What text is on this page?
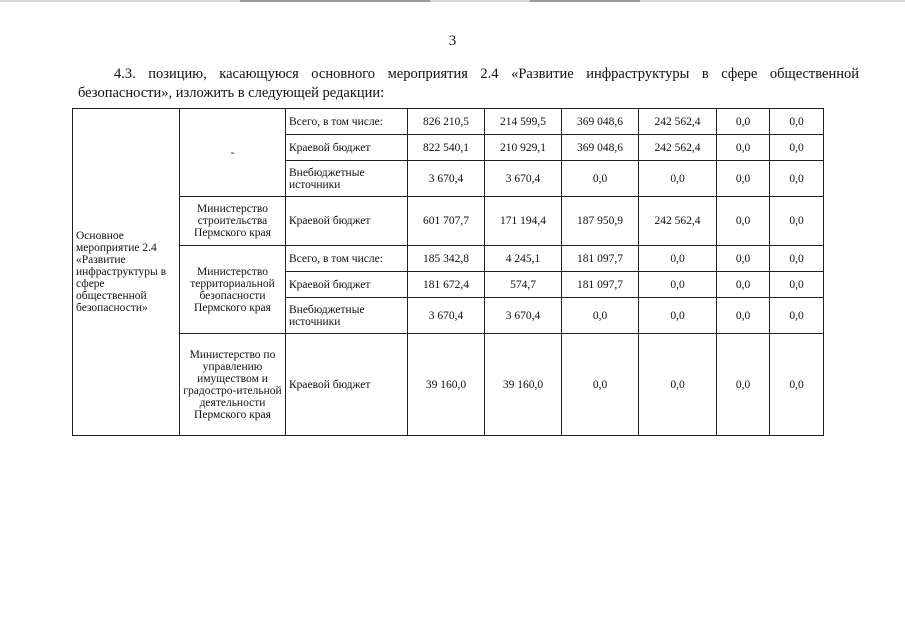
3

4.3. позицию, касающуюся основного мероприятия 2.4 «Развитие инфраструктуры в сфере общественной безопасности», изложить в следующей редакции:

Основное мероприятие 2.4 «Развитие инфраструктуры в сфере общественной безопасности»	-	Всего, в том числе:	826 210,5	214 599,5	369 048,6	242 562,4	0,0	0,0
		Краевой бюджет	822 540,1	210 929,1	369 048,6	242 562,4	0,0	0,0
		Внебюджетные источники	3 670,4	3 670,4	0,0	0,0	0,0	0,0
	Министерство строительства Пермского края	Краевой бюджет	601 707,7	171 194,4	187 950,9	242 562,4	0,0	0,0
	Министерство территориальной безопасности Пермского края	Всего, в том числе:	185 342,8	4 245,1	181 097,7	0,0	0,0	0,0
		Краевой бюджет	181 672,4	574,7	181 097,7	0,0	0,0	0,0
		Внебюджетные источники	3 670,4	3 670,4	0,0	0,0	0,0	0,0
	Министерство по управлению имуществом и градостро-ительной деятельности Пермского края	Краевой бюджет	39 160,0	39 160,0	0,0	0,0	0,0	0,0
